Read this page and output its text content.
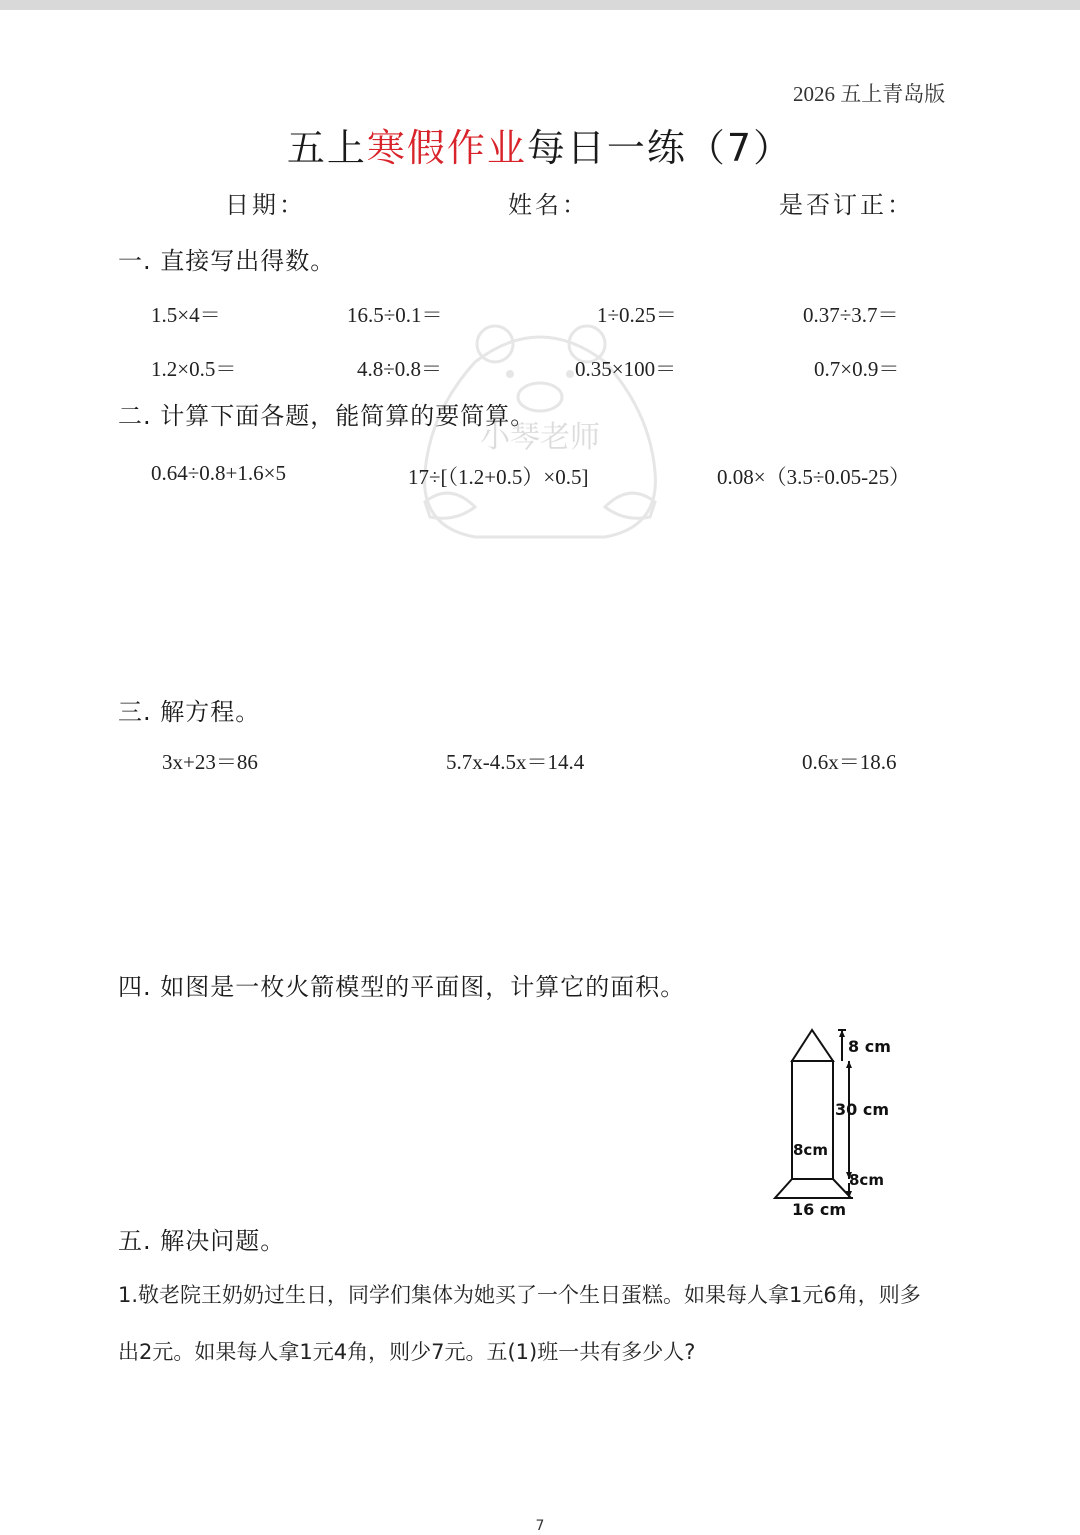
2026 五上青岛版
五上寒假作业每日一练（7）
日期：	姓名：	是否订正：
小琴老师
一. 直接写出得数。
1.5×4＝	16.5÷0.1＝	1÷0.25＝	0.37÷3.7＝
1.2×0.5＝	4.8÷0.8＝	0.35×100＝	0.7×0.9＝
二. 计算下面各题，能简算的要简算。
0.64÷0.8+1.6×5	17÷[（1.2+0.5）×0.5]	0.08×（3.5÷0.05-25）
三. 解方程。
3x+23＝86	5.7x-4.5x＝14.4	0.6x＝18.6
四. 如图是一枚火箭模型的平面图，计算它的面积。
8 cm
30 cm
8cm
8cm
16 cm
五. 解决问题。
1.敬老院王奶奶过生日，同学们集体为她买了一个生日蛋糕。如果每人拿1元6角，则多
出2元。如果每人拿1元4角，则少7元。五(1)班一共有多少人?
7
